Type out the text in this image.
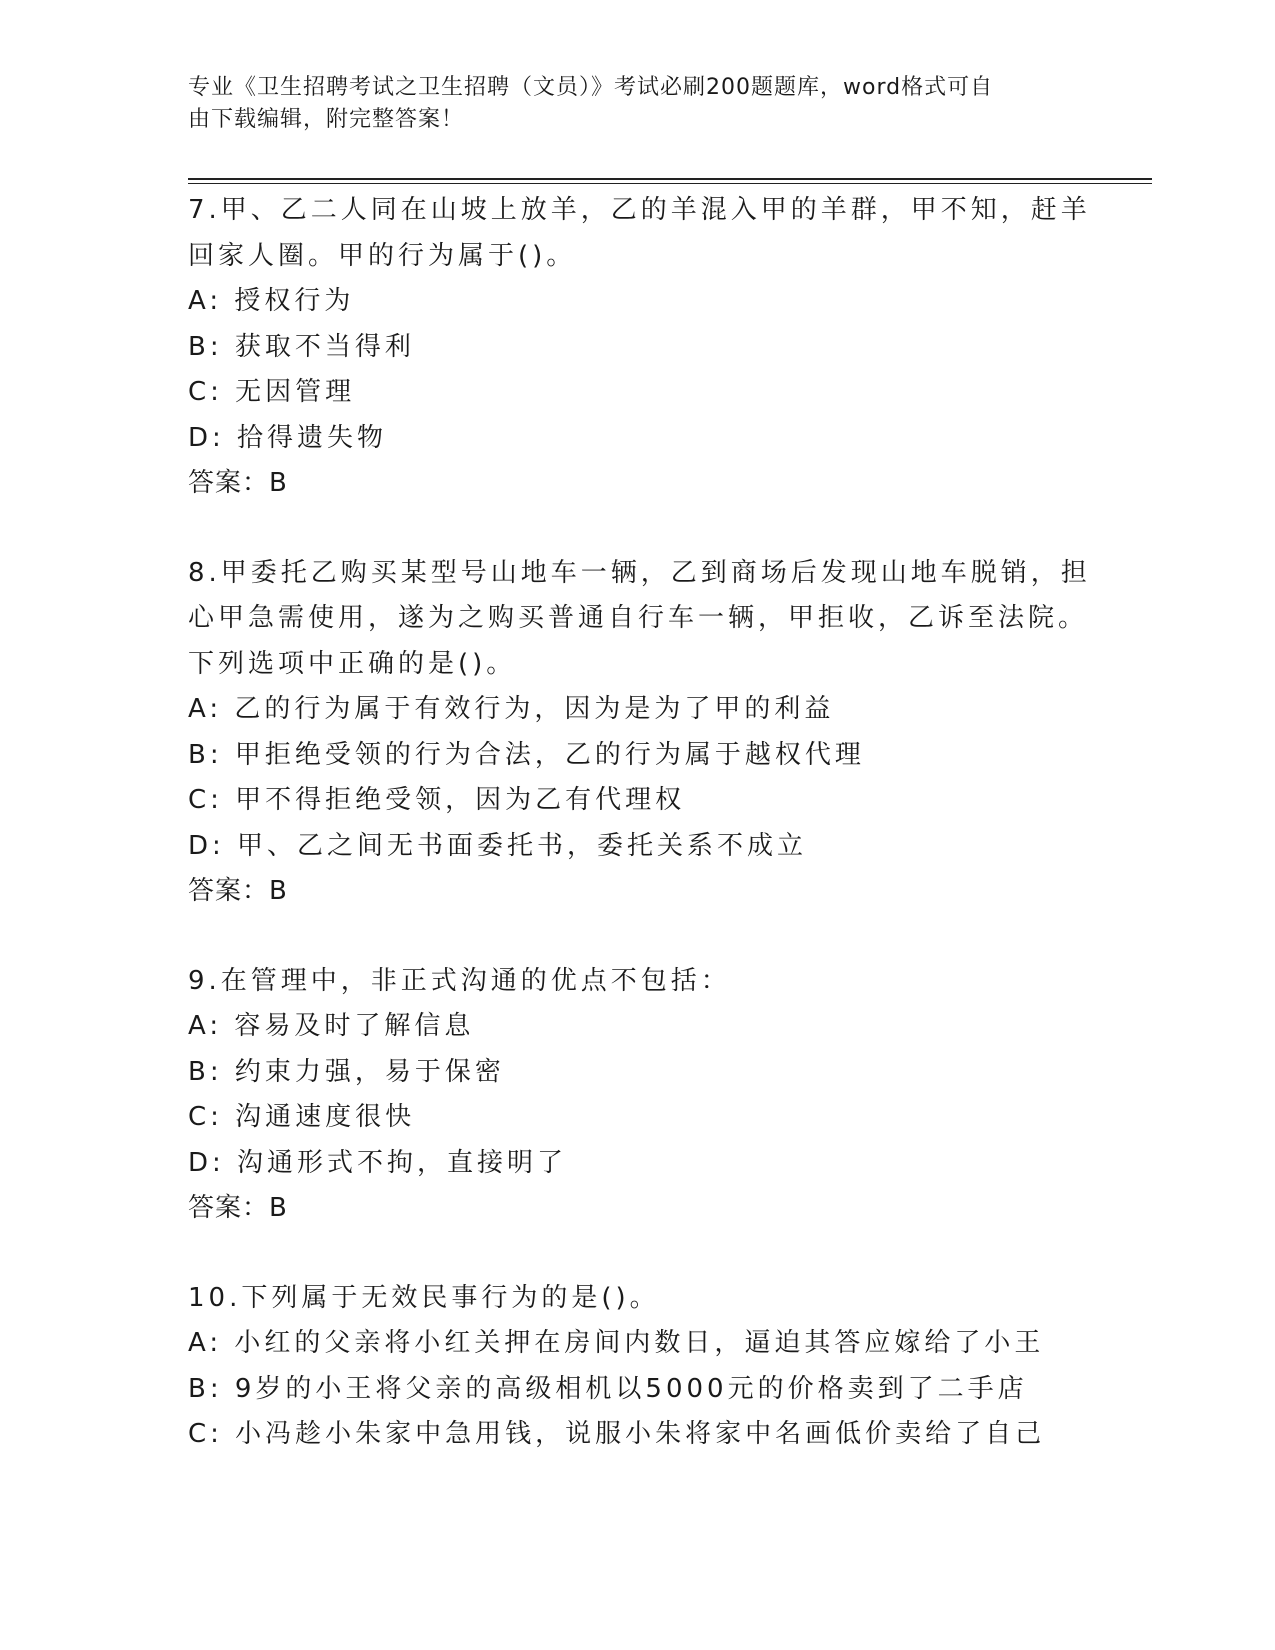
专业《卫生招聘考试之卫生招聘（文员）》考试必刷200题题库，word格式可自
由下载编辑，附完整答案！
7.甲、乙二人同在山坡上放羊，乙的羊混入甲的羊群，甲不知，赶羊
回家人圈。甲的行为属于()。
A: 授权行为
B: 获取不当得利
C: 无因管理
D: 拾得遗失物
答案：B
8.甲委托乙购买某型号山地车一辆，乙到商场后发现山地车脱销，担
心甲急需使用，遂为之购买普通自行车一辆，甲拒收，乙诉至法院。
下列选项中正确的是()。
A: 乙的行为属于有效行为，因为是为了甲的利益
B: 甲拒绝受领的行为合法，乙的行为属于越权代理
C: 甲不得拒绝受领，因为乙有代理权
D: 甲、乙之间无书面委托书，委托关系不成立
答案：B
9.在管理中，非正式沟通的优点不包括：
A: 容易及时了解信息
B: 约束力强，易于保密
C: 沟通速度很快
D: 沟通形式不拘，直接明了
答案：B
10.下列属于无效民事行为的是()。
A: 小红的父亲将小红关押在房间内数日，逼迫其答应嫁给了小王
B: 9岁的小王将父亲的高级相机以5000元的价格卖到了二手店
C: 小冯趁小朱家中急用钱，说服小朱将家中名画低价卖给了自己
